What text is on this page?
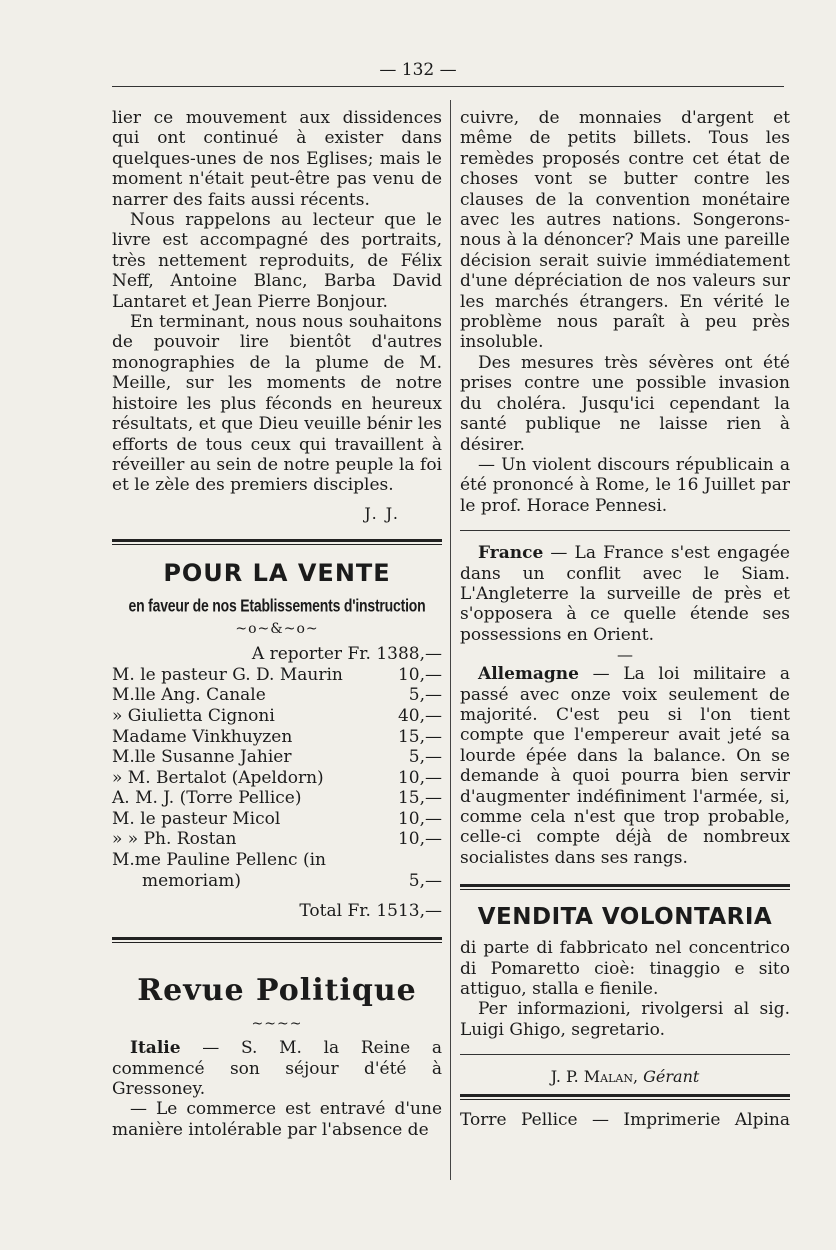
— 132 —

lier ce mouvement aux dissidences qui ont continué à exister dans quelques-unes de nos Eglises; mais le moment n'était peut-être pas venu de narrer des faits aussi récents.

Nous rappelons au lecteur que le livre est accompagné des portraits, très nettement reproduits, de Félix Neff, Antoine Blanc, Barba David Lantaret et Jean Pierre Bonjour.

En terminant, nous nous souhaitons de pouvoir lire bientôt d'autres monographies de la plume de M. Meille, sur les moments de notre histoire les plus féconds en heureux résultats, et que Dieu veuille bénir les efforts de tous ceux qui travaillent à réveiller au sein de notre peuple la foi et le zèle des premiers disciples.

J. J.
POUR LA VENTE
en faveur de nos Etablissements d'instruction
~o~&~o~
A reporter Fr. 1388,—
M. le pasteur G. D. Maurin	10,—
M.lle Ang. Canale	5,—
» Giulietta Cignoni	40,—
Madame Vinkhuyzen	15,—
M.lle Susanne Jahier	5,—
» M. Bertalot (Apeldorn)	10,—
A. M. J. (Torre Pellice)	15,—
M. le pasteur Micol	10,—
» » Ph. Rostan	10,—
M.me Pauline Pellenc (in
memoriam)	5,—
Total Fr. 1513,—
Revue Politique
~~~~

Italie — S. M. la Reine a commencé son séjour d'été à Gressoney.

— Le commerce est entravé d'une manière intolérable par l'absence de

cuivre, de monnaies d'argent et même de petits billets. Tous les remèdes proposés contre cet état de choses vont se butter contre les clauses de la convention monétaire avec les autres nations. Songerons-nous à la dénoncer? Mais une pareille décision serait suivie immédiatement d'une dépréciation de nos valeurs sur les marchés étrangers. En vérité le problème nous paraît à peu près insoluble.

Des mesures très sévères ont été prises contre une possible invasion du choléra. Jusqu'ici cependant la santé publique ne laisse rien à désirer.

— Un violent discours républicain a été prononcé à Rome, le 16 Juillet par le prof. Horace Pennesi.

France — La France s'est engagée dans un conflit avec le Siam. L'Angleterre la surveille de près et s'opposera à ce quelle étende ses possessions en Orient.

—

Allemagne — La loi militaire a passé avec onze voix seulement de majorité. C'est peu si l'on tient compte que l'empereur avait jeté sa lourde épée dans la balance. On se demande à quoi pourra bien servir d'augmenter indéfiniment l'armée, si, comme cela n'est que trop probable, celle-ci compte déjà de nombreux socialistes dans ses rangs.

VENDITA VOLONTARIA

di parte di fabbricato nel concentrico di Pomaretto cioè: tinaggio e sito attiguo, stalla e fienile.

Per informazioni, rivolgersi al sig. Luigi Ghigo, segretario.

J. P. Malan, Gérant
Torre Pellice — Imprimerie Alpina
